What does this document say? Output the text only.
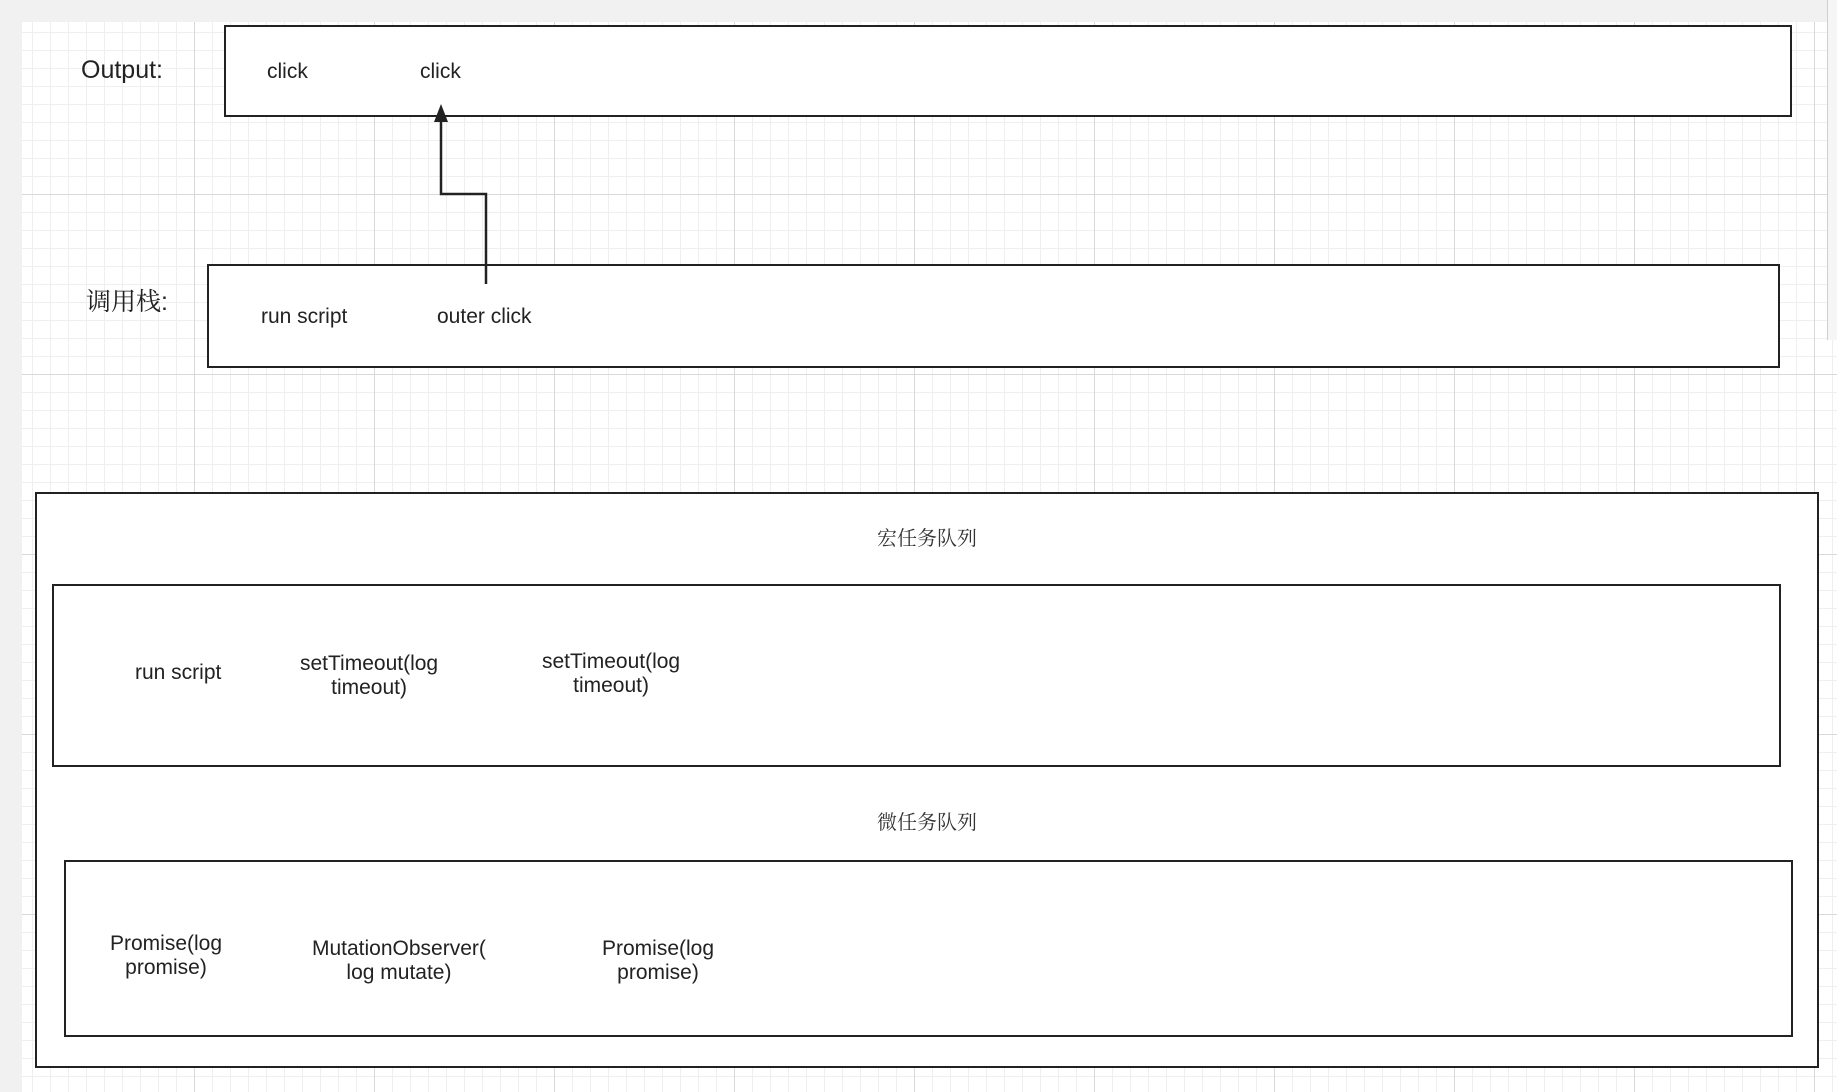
Output:	click	click
调用栈:
run script	outer click
宏任务队列
run script	setTimeout(log
timeout)
setTimeout(log
timeout)
微任务队列
Promise(log
promise)
MutationObserver(
log mutate)
Promise(log
promise)
